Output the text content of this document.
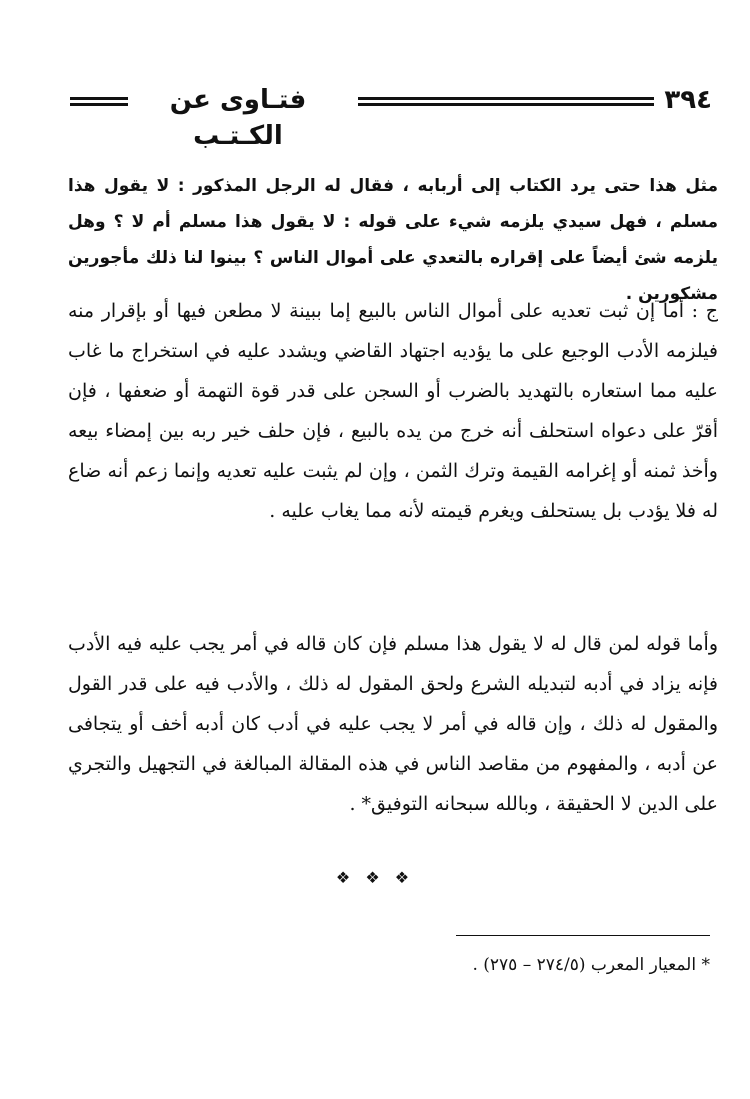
٣٩٤
فتـاوى عن الكـتـب
مثل هذا حتى يرد الكتاب إلى أربابه ، فقال له الرجل المذكور : لا يقول هذا مسلم ، فهل سيدي يلزمه شيء على قوله : لا يقول هذا مسلم أم لا ؟ وهل يلزمه شئ أيضاً على إقراره بالتعدي على أموال الناس ؟ بينوا لنا ذلك مأجورين مشكورين .

ج : أما إن ثبت تعديه على أموال الناس بالبيع إما ببينة لا مطعن فيها أو بإقرار منه فيلزمه الأدب الوجيع على ما يؤديه اجتهاد القاضي ويشدد عليه في استخراج ما غاب عليه مما استعاره بالتهديد بالضرب أو السجن على قدر قوة التهمة أو ضعفها ، فإن أقرّ على دعواه استحلف أنه خرج من يده بالبيع ، فإن حلف خير ربه بين إمضاء بيعه وأخذ ثمنه أو إغرامه القيمة وترك الثمن ، وإن لم يثبت عليه تعديه وإنما زعم أنه ضاع له فلا يؤدب بل يستحلف ويغرم قيمته لأنه مما يغاب عليه .

وأما قوله لمن قال له لا يقول هذا مسلم فإن كان قاله في أمر يجب عليه فيه الأدب فإنه يزاد في أدبه لتبديله الشرع ولحق المقول له ذلك ، والأدب فيه على قدر القول والمقول له ذلك ، وإن قاله في أمر لا يجب عليه في أدب كان أدبه أخف أو يتجافى عن أدبه ، والمفهوم من مقاصد الناس في هذه المقالة المبالغة في التجهيل والتجري على الدين لا الحقيقة ، وبالله سبحانه التوفيق* .

❖ ❖ ❖
* المعيار المعرب (٢٧٤/٥ – ٢٧٥) .
